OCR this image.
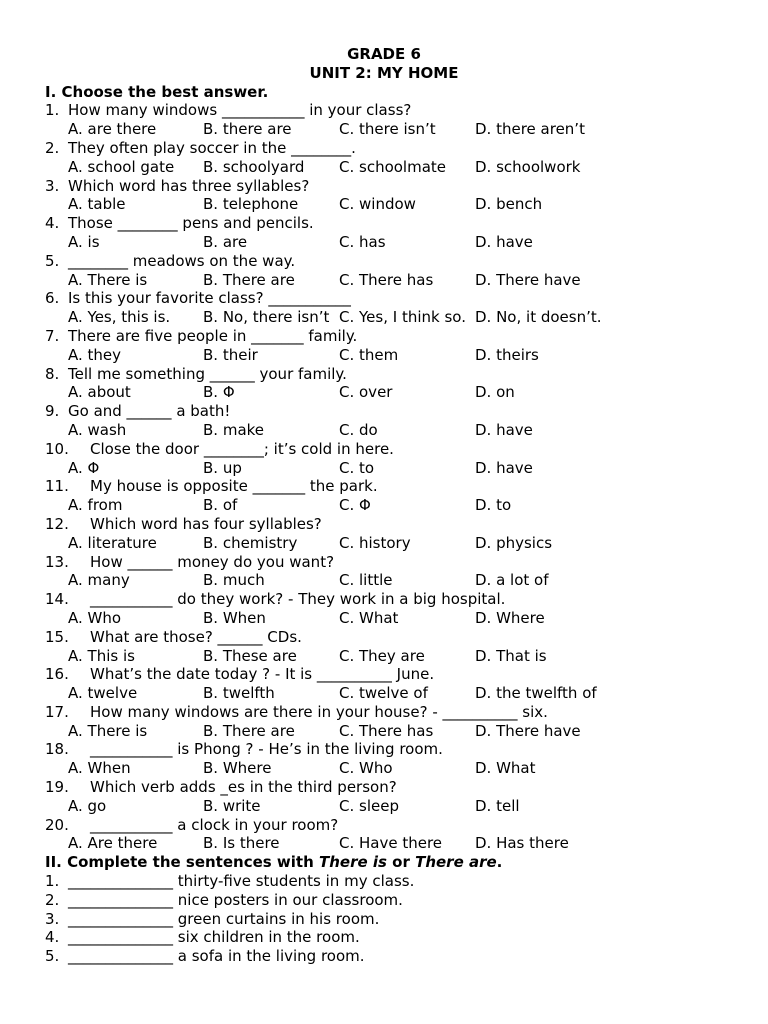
GRADE 6
UNIT 2: MY HOME
I. Choose the best answer.
1. How many windows ___________ in your class?
A. are there	B. there are	C. there isn’t	D. there aren’t
2. They often play soccer in the ________.
A. school gate B. schoolyard C. schoolmate D. schoolwork
3. Which word has three syllables?
A. table	B. telephone	C. window	D. bench
4. Those ________ pens and pencils.
A. is	B. are	C. has	D. have
5. ________ meadows on the way.
A. There is	B. There are	C. There has	D. There have
6. Is this your favorite class? ___________
A. Yes, this is. B. No, there isn’t C. Yes, I think so. D. No, it doesn’t.
7. There are five people in _______ family.
A. they	B. their	C. them	D. theirs
8. Tell me something ______ your family.
A. about	B. Φ	C. over	D. on
9. Go and ______ a bath!
A. wash	B. make	C. do	D. have
10. Close the door ________; it’s cold in here.
A. Φ	B. up	C. to	D. have
11. My house is opposite _______ the park.
A. from	B. of	C. Φ	D. to
12. Which word has four syllables?
A. literature	B. chemistry	C. history	D. physics
13. How ______ money do you want?
A. many	B. much	C. little	D. a lot of
14. ___________ do they work? - They work in a big hospital.
A. Who	B. When	C. What	D. Where
15. What are those? ______ CDs.
A. This is	B. These are	C. They are	D. That is
16. What’s the date today ? - It is __________ June.
A. twelve	B. twelfth	C. twelve of	D. the twelfth of
17. How many windows are there in your house? - __________ six.
A. There is	B. There are	C. There has	D. There have
18. ___________ is Phong ? - He’s in the living room.
A. When	B. Where	C. Who	D. What
19. Which verb adds _es in the third person?
A. go	B. write	C. sleep	D. tell
20. ___________ a clock in your room?
A. Are there	B. Is there	C. Have there D. Has there
II. Complete the sentences with There is or There are.
1. ______________ thirty-five students in my class.
2. ______________ nice posters in our classroom.
3. ______________ green curtains in his room.
4. ______________ six children in the room.
5. ______________ a sofa in the living room.
